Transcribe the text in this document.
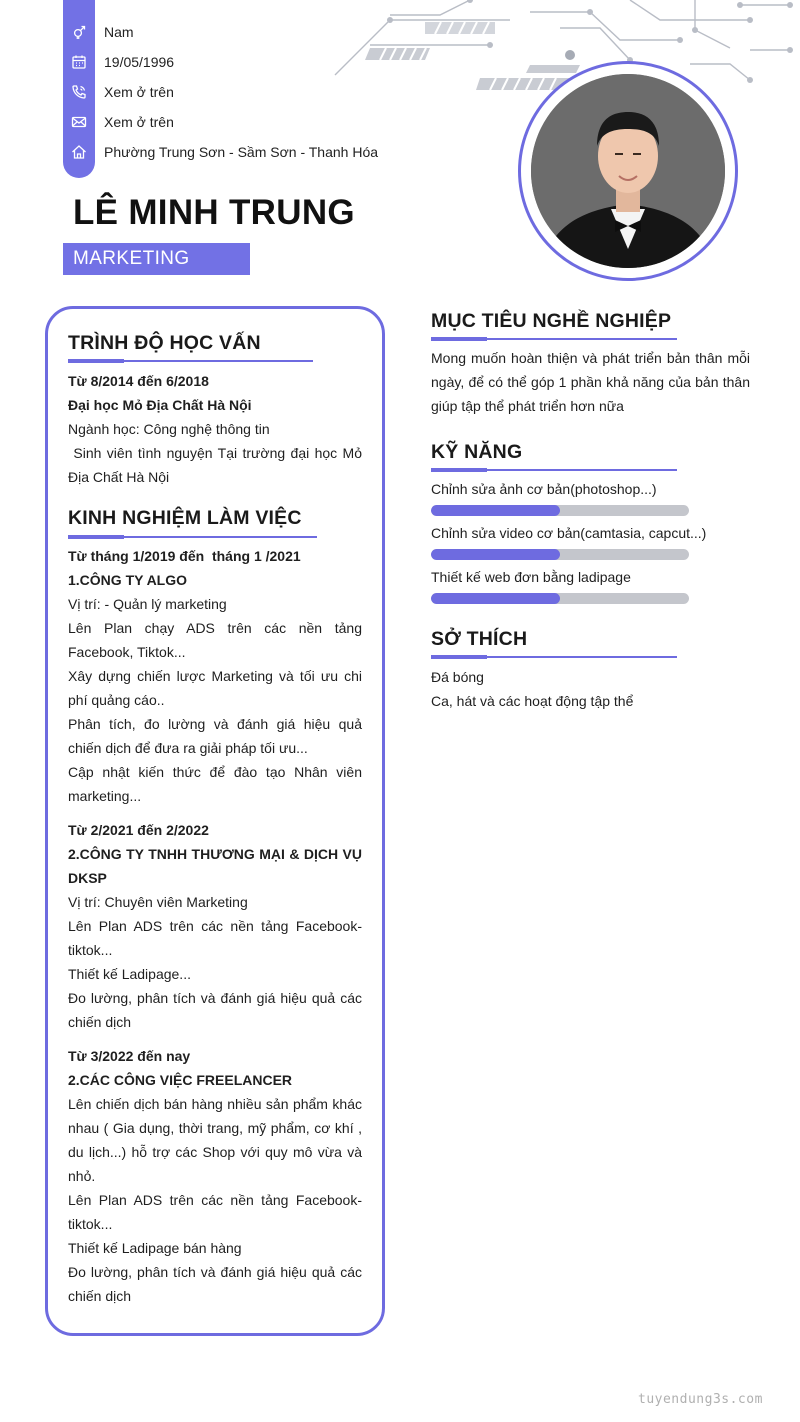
Nam
19/05/1996
Xem ở trên
Xem ở trên
Phường Trung Sơn - Sầm Sơn - Thanh Hóa
LÊ MINH TRUNG
MARKETING
TRÌNH ĐỘ HỌC VẤN
Từ 8/2014 đến 6/2018
Đại học Mỏ Địa Chất Hà Nội
Ngành học: Công nghệ thông tin
Sinh viên tình nguyện Tại trường đại học Mỏ Địa Chất Hà Nội
KINH NGHIỆM LÀM VIỆC
Từ tháng 1/2019 đến  tháng 1 /2021
1.CÔNG TY ALGO
Vị trí: - Quản lý marketing
Lên Plan chạy ADS trên các nền tảng Facebook, Tiktok...
Xây dựng chiến lược Marketing và tối ưu chi phí quảng cáo..
Phân tích, đo lường và đánh giá hiệu quả chiến dịch để đưa ra giải pháp tối ưu...
Cập nhật kiến thức để đào tạo Nhân viên marketing...
Từ 2/2021 đến 2/2022
2.CÔNG TY TNHH THƯƠNG MẠI & DỊCH VỤ DKSP
Vị trí: Chuyên viên Marketing
Lên Plan ADS trên các nền tảng Facebook-tiktok...
Thiết kế Ladipage...
Đo lường, phân tích và đánh giá hiệu quả các chiến dịch
Từ 3/2022 đến nay
2.CÁC CÔNG VIỆC FREELANCER
Lên chiến dịch bán hàng nhiều sản phẩm khác nhau ( Gia dụng, thời trang, mỹ phẩm, cơ khí , du lịch...) hỗ trợ các Shop với quy mô vừa và nhỏ.
Lên Plan ADS trên các nền tảng Facebook-tiktok...
Thiết kế Ladipage bán hàng
Đo lường, phân tích và đánh giá hiệu quả các chiến dịch
MỤC TIÊU NGHỀ NGHIỆP
Mong muốn hoàn thiện và phát triển bản thân mỗi ngày, để có thể góp 1 phần khả năng của bản thân giúp tập thể phát triển hơn nữa
KỸ NĂNG
Chỉnh sửa ảnh cơ bản(photoshop...)
Chỉnh sửa video cơ bản(camtasia, capcut...)
Thiết kế web đơn bằng ladipage
SỞ THÍCH
Đá bóng
Ca, hát và các hoạt động tập thể
tuyendung3s.com
